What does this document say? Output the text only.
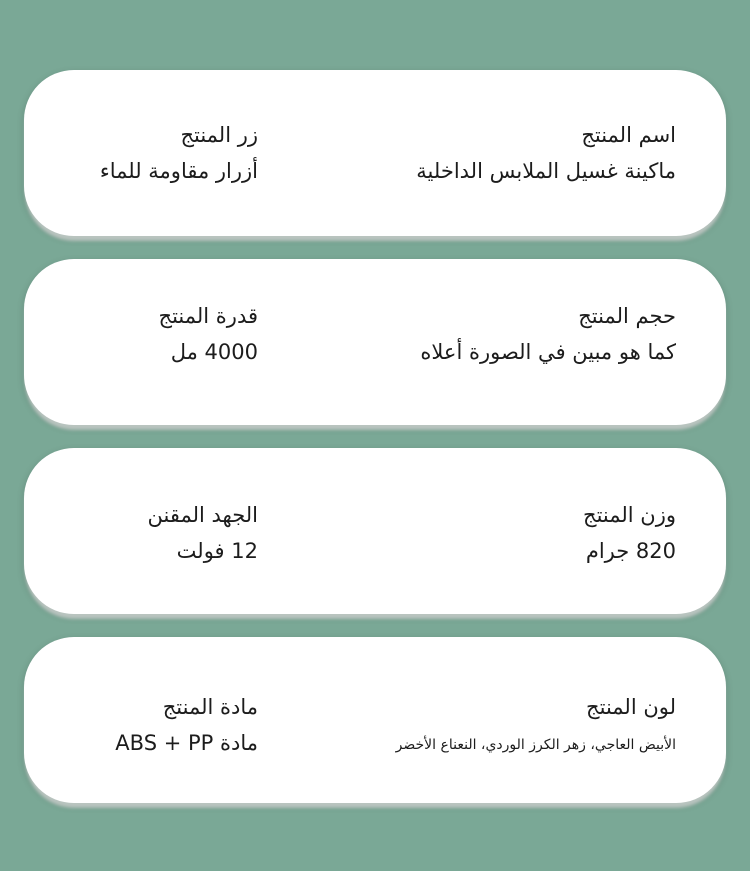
اسم المنتج
ماكينة غسيل الملابس الداخلية
زر المنتج
أزرار مقاومة للماء
حجم المنتج
كما هو مبين في الصورة أعلاه
قدرة المنتج
4000 مل
وزن المنتج
820 جرام
الجهد المقنن
12 فولت
لون المنتج
الأبيض العاجي، زهر الكرز الوردي، النعناع الأخضر
مادة المنتج
مادة ABS + PP
